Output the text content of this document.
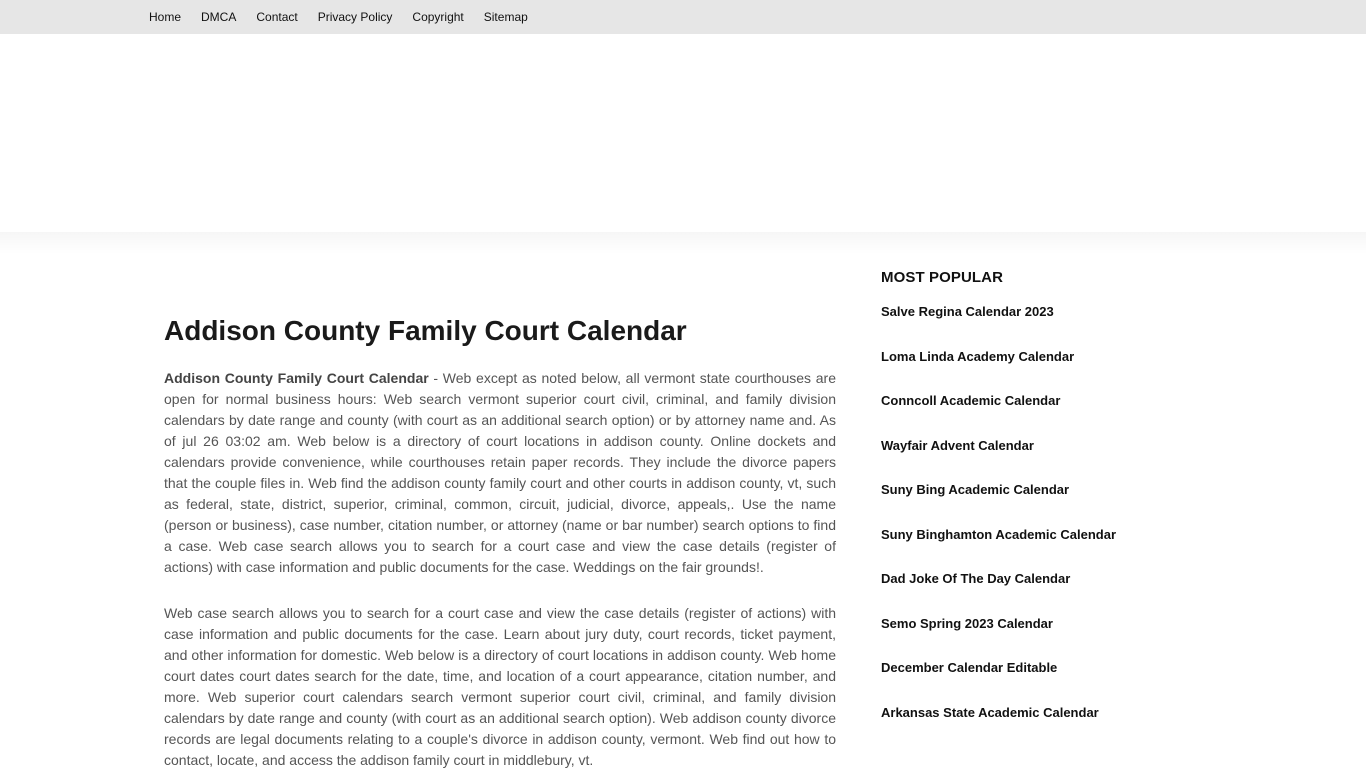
Home	DMCA	Contact	Privacy Policy	Copyright	Sitemap
Addison County Family Court Calendar

Addison County Family Court Calendar - Web except as noted below, all vermont state courthouses are open for normal business hours: Web search vermont superior court civil, criminal, and family division calendars by date range and county (with court as an additional search option) or by attorney name and. As of jul 26 03:02 am. Web below is a directory of court locations in addison county. Online dockets and calendars provide convenience, while courthouses retain paper records. They include the divorce papers that the couple files in. Web find the addison county family court and other courts in addison county, vt, such as federal, state, district, superior, criminal, common, circuit, judicial, divorce, appeals,. Use the name (person or business), case number, citation number, or attorney (name or bar number) search options to find a case. Web case search allows you to search for a court case and view the case details (register of actions) with case information and public documents for the case. Weddings on the fair grounds!.

Web case search allows you to search for a court case and view the case details (register of actions) with case information and public documents for the case. Learn about jury duty, court records, ticket payment, and other information for domestic. Web below is a directory of court locations in addison county. Web home court dates court dates search for the date, time, and location of a court appearance, citation number, and more. Web superior court calendars search vermont superior court civil, criminal, and family division calendars by date range and county (with court as an additional search option). Web addison county divorce records are legal documents relating to a couple's divorce in addison county, vermont. Web find out how to contact, locate, and access the addison family court in middlebury, vt.

MOST POPULAR
Salve Regina Calendar 2023
Loma Linda Academy Calendar
Conncoll Academic Calendar
Wayfair Advent Calendar
Suny Bing Academic Calendar
Suny Binghamton Academic Calendar
Dad Joke Of The Day Calendar
Semo Spring 2023 Calendar
December Calendar Editable
Arkansas State Academic Calendar
